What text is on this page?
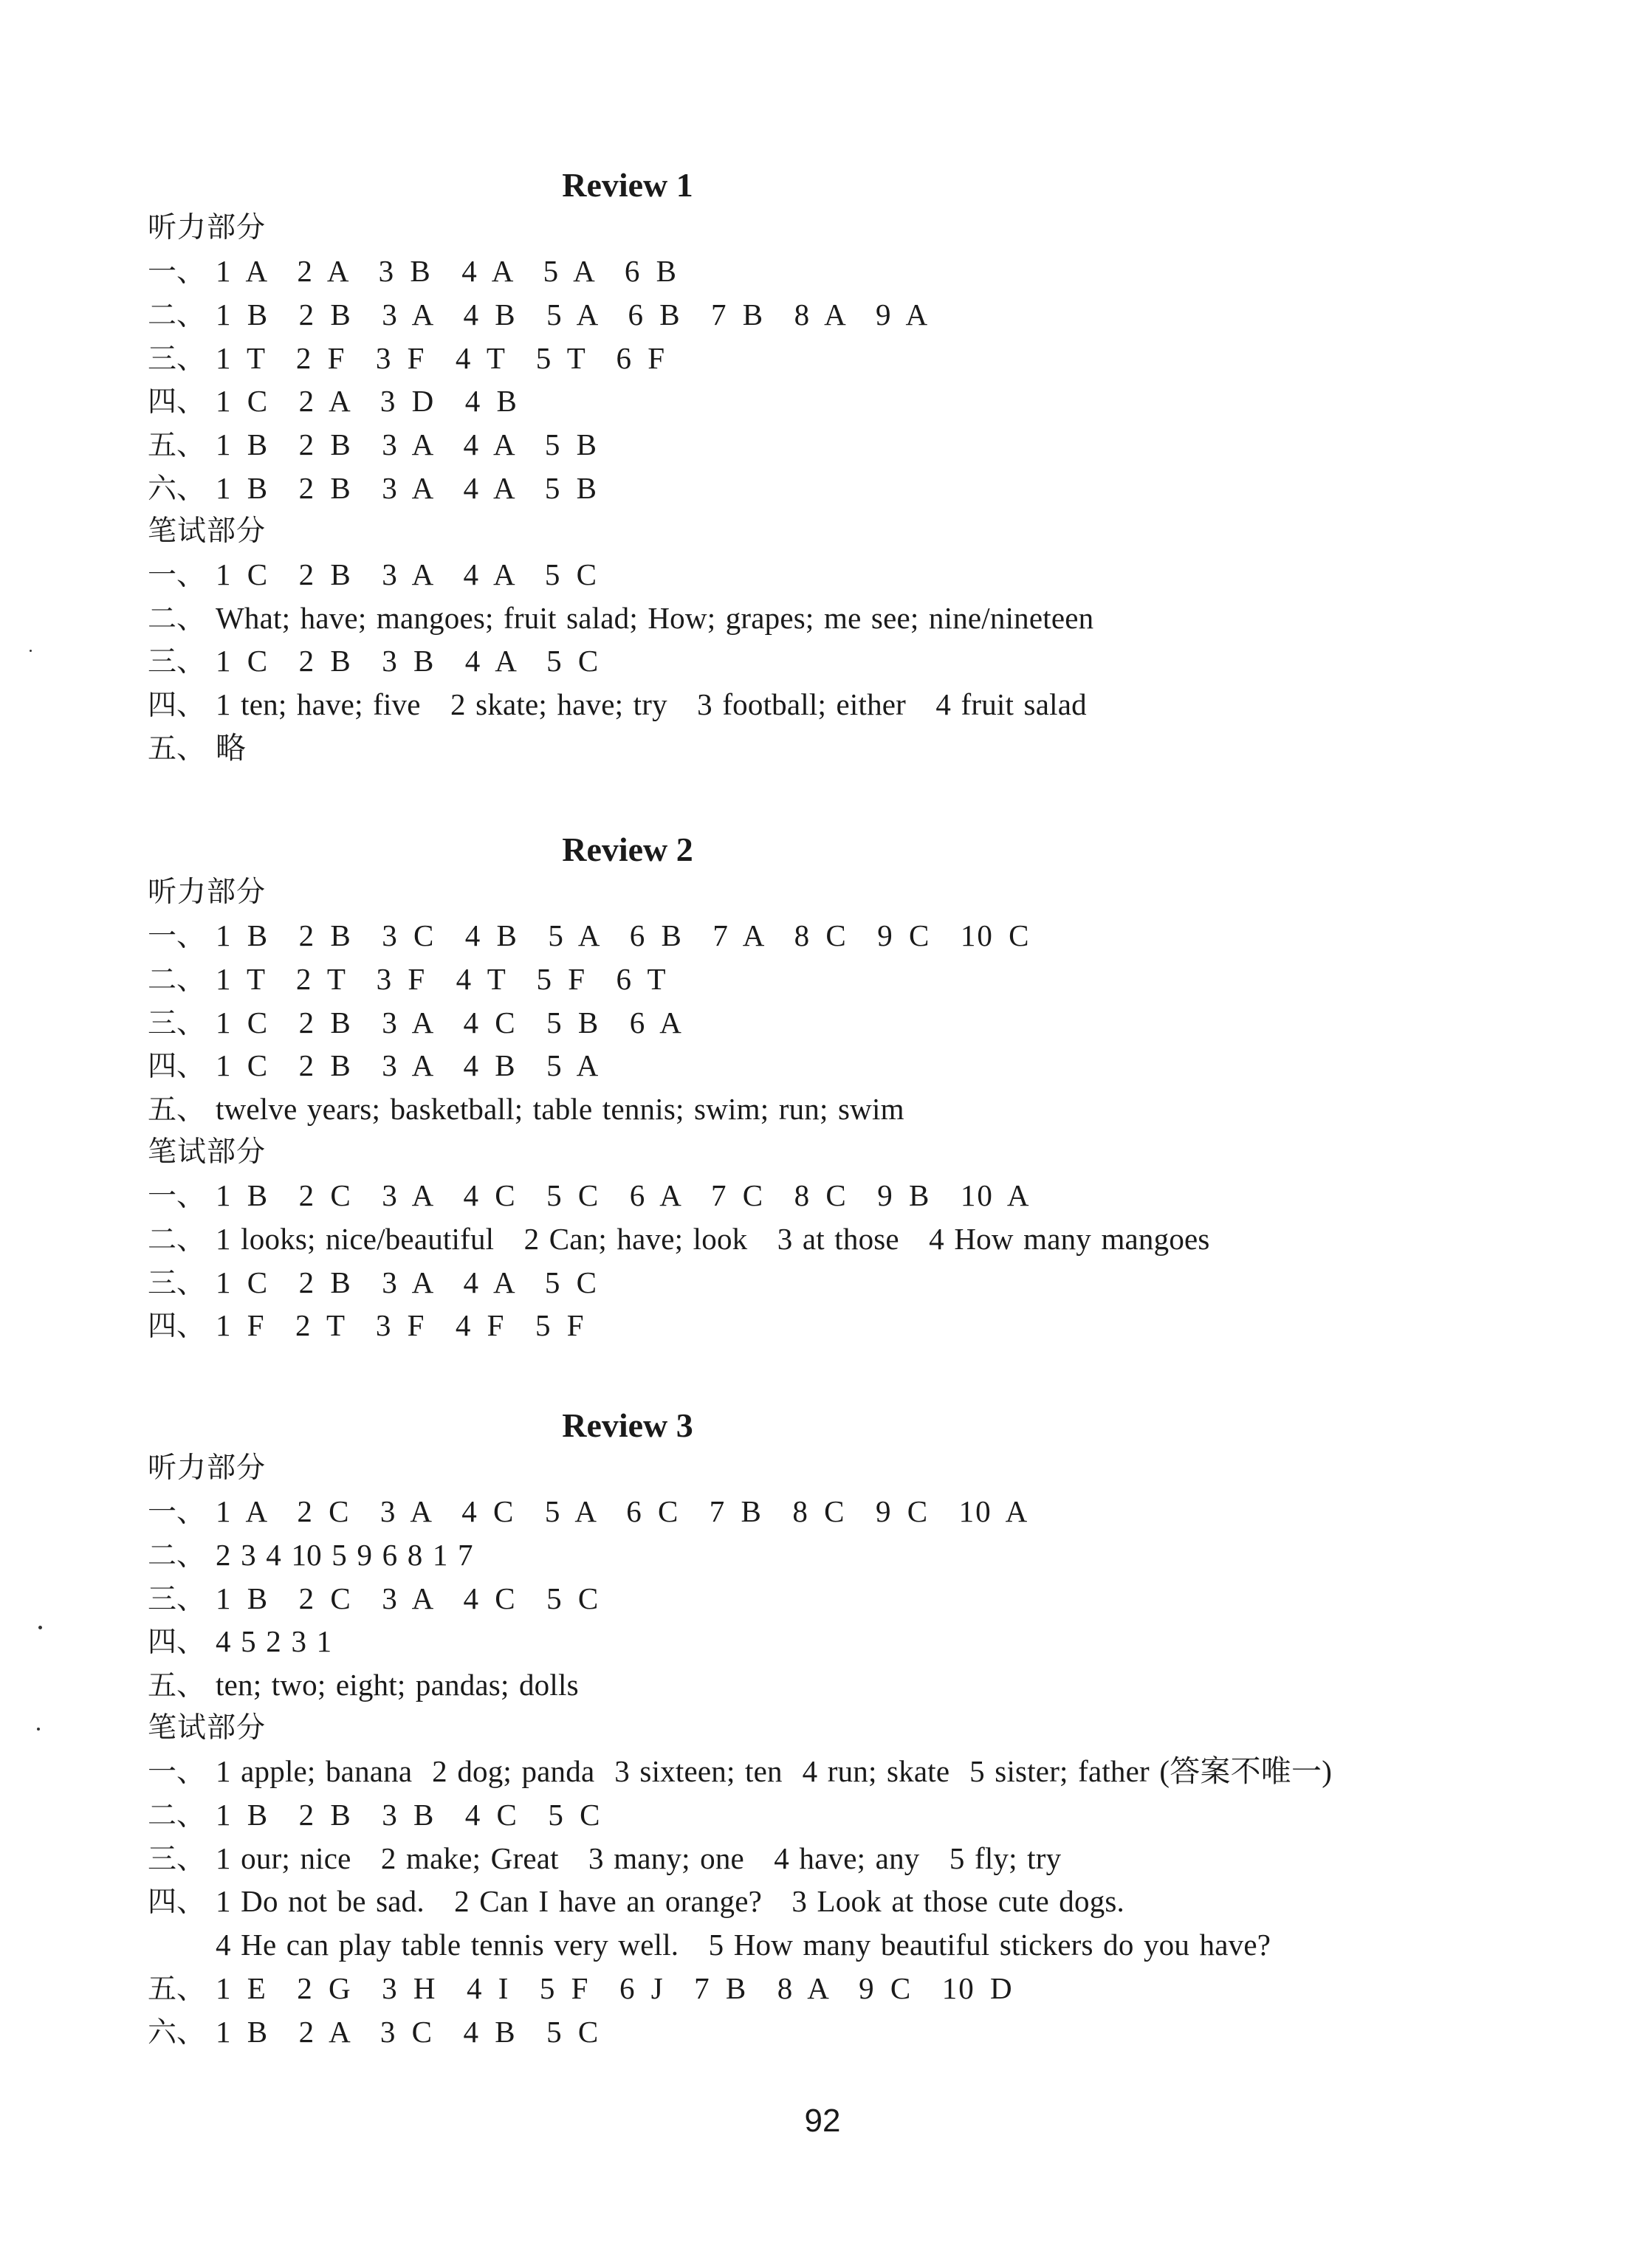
Review 1
听力部分
一、 1 A  2 A  3 B  4 A  5 A  6 B
二、 1 B  2 B  3 A  4 B  5 A  6 B  7 B  8 A  9 A
三、 1 T  2 F  3 F  4 T  5 T  6 F
四、 1 C  2 A  3 D  4 B
五、 1 B  2 B  3 A  4 A  5 B
六、 1 B  2 B  3 A  4 A  5 B
笔试部分
一、 1 C  2 B  3 A  4 A  5 C
二、 What; have; mangoes; fruit salad; How; grapes; me see; nine/nineteen
三、 1 C  2 B  3 B  4 A  5 C
四、 1 ten; have; five   2 skate; have; try   3 football; either   4 fruit salad
五、 略
Review 2
听力部分
一、 1 B  2 B  3 C  4 B  5 A  6 B  7 A  8 C  9 C  10 C
二、 1 T  2 T  3 F  4 T  5 F  6 T
三、 1 C  2 B  3 A  4 C  5 B  6 A
四、 1 C  2 B  3 A  4 B  5 A
五、 twelve years; basketball; table tennis; swim; run; swim
笔试部分
一、 1 B  2 C  3 A  4 C  5 C  6 A  7 C  8 C  9 B  10 A
二、 1 looks; nice/beautiful   2 Can; have; look   3 at those   4 How many mangoes
三、 1 C  2 B  3 A  4 A  5 C
四、 1 F  2 T  3 F  4 F  5 F
Review 3
听力部分
一、 1 A  2 C  3 A  4 C  5 A  6 C  7 B  8 C  9 C  10 A
二、 2 3 4 10 5 9 6 8 1 7
三、 1 B  2 C  3 A  4 C  5 C
四、 4 5 2 3 1
五、 ten; two; eight; pandas; dolls
笔试部分
一、 1 apple; banana  2 dog; panda  3 sixteen; ten  4 run; skate  5 sister; father (答案不唯一)
二、 1 B  2 B  3 B  4 C  5 C
三、 1 our; nice   2 make; Great   3 many; one   4 have; any   5 fly; try
四、 1 Do not be sad.   2 Can I have an orange?   3 Look at those cute dogs.
4 He can play table tennis very well.   5 How many beautiful stickers do you have?
五、 1 E  2 G  3 H  4 I  5 F  6 J  7 B  8 A  9 C  10 D
六、 1 B  2 A  3 C  4 B  5 C
92
